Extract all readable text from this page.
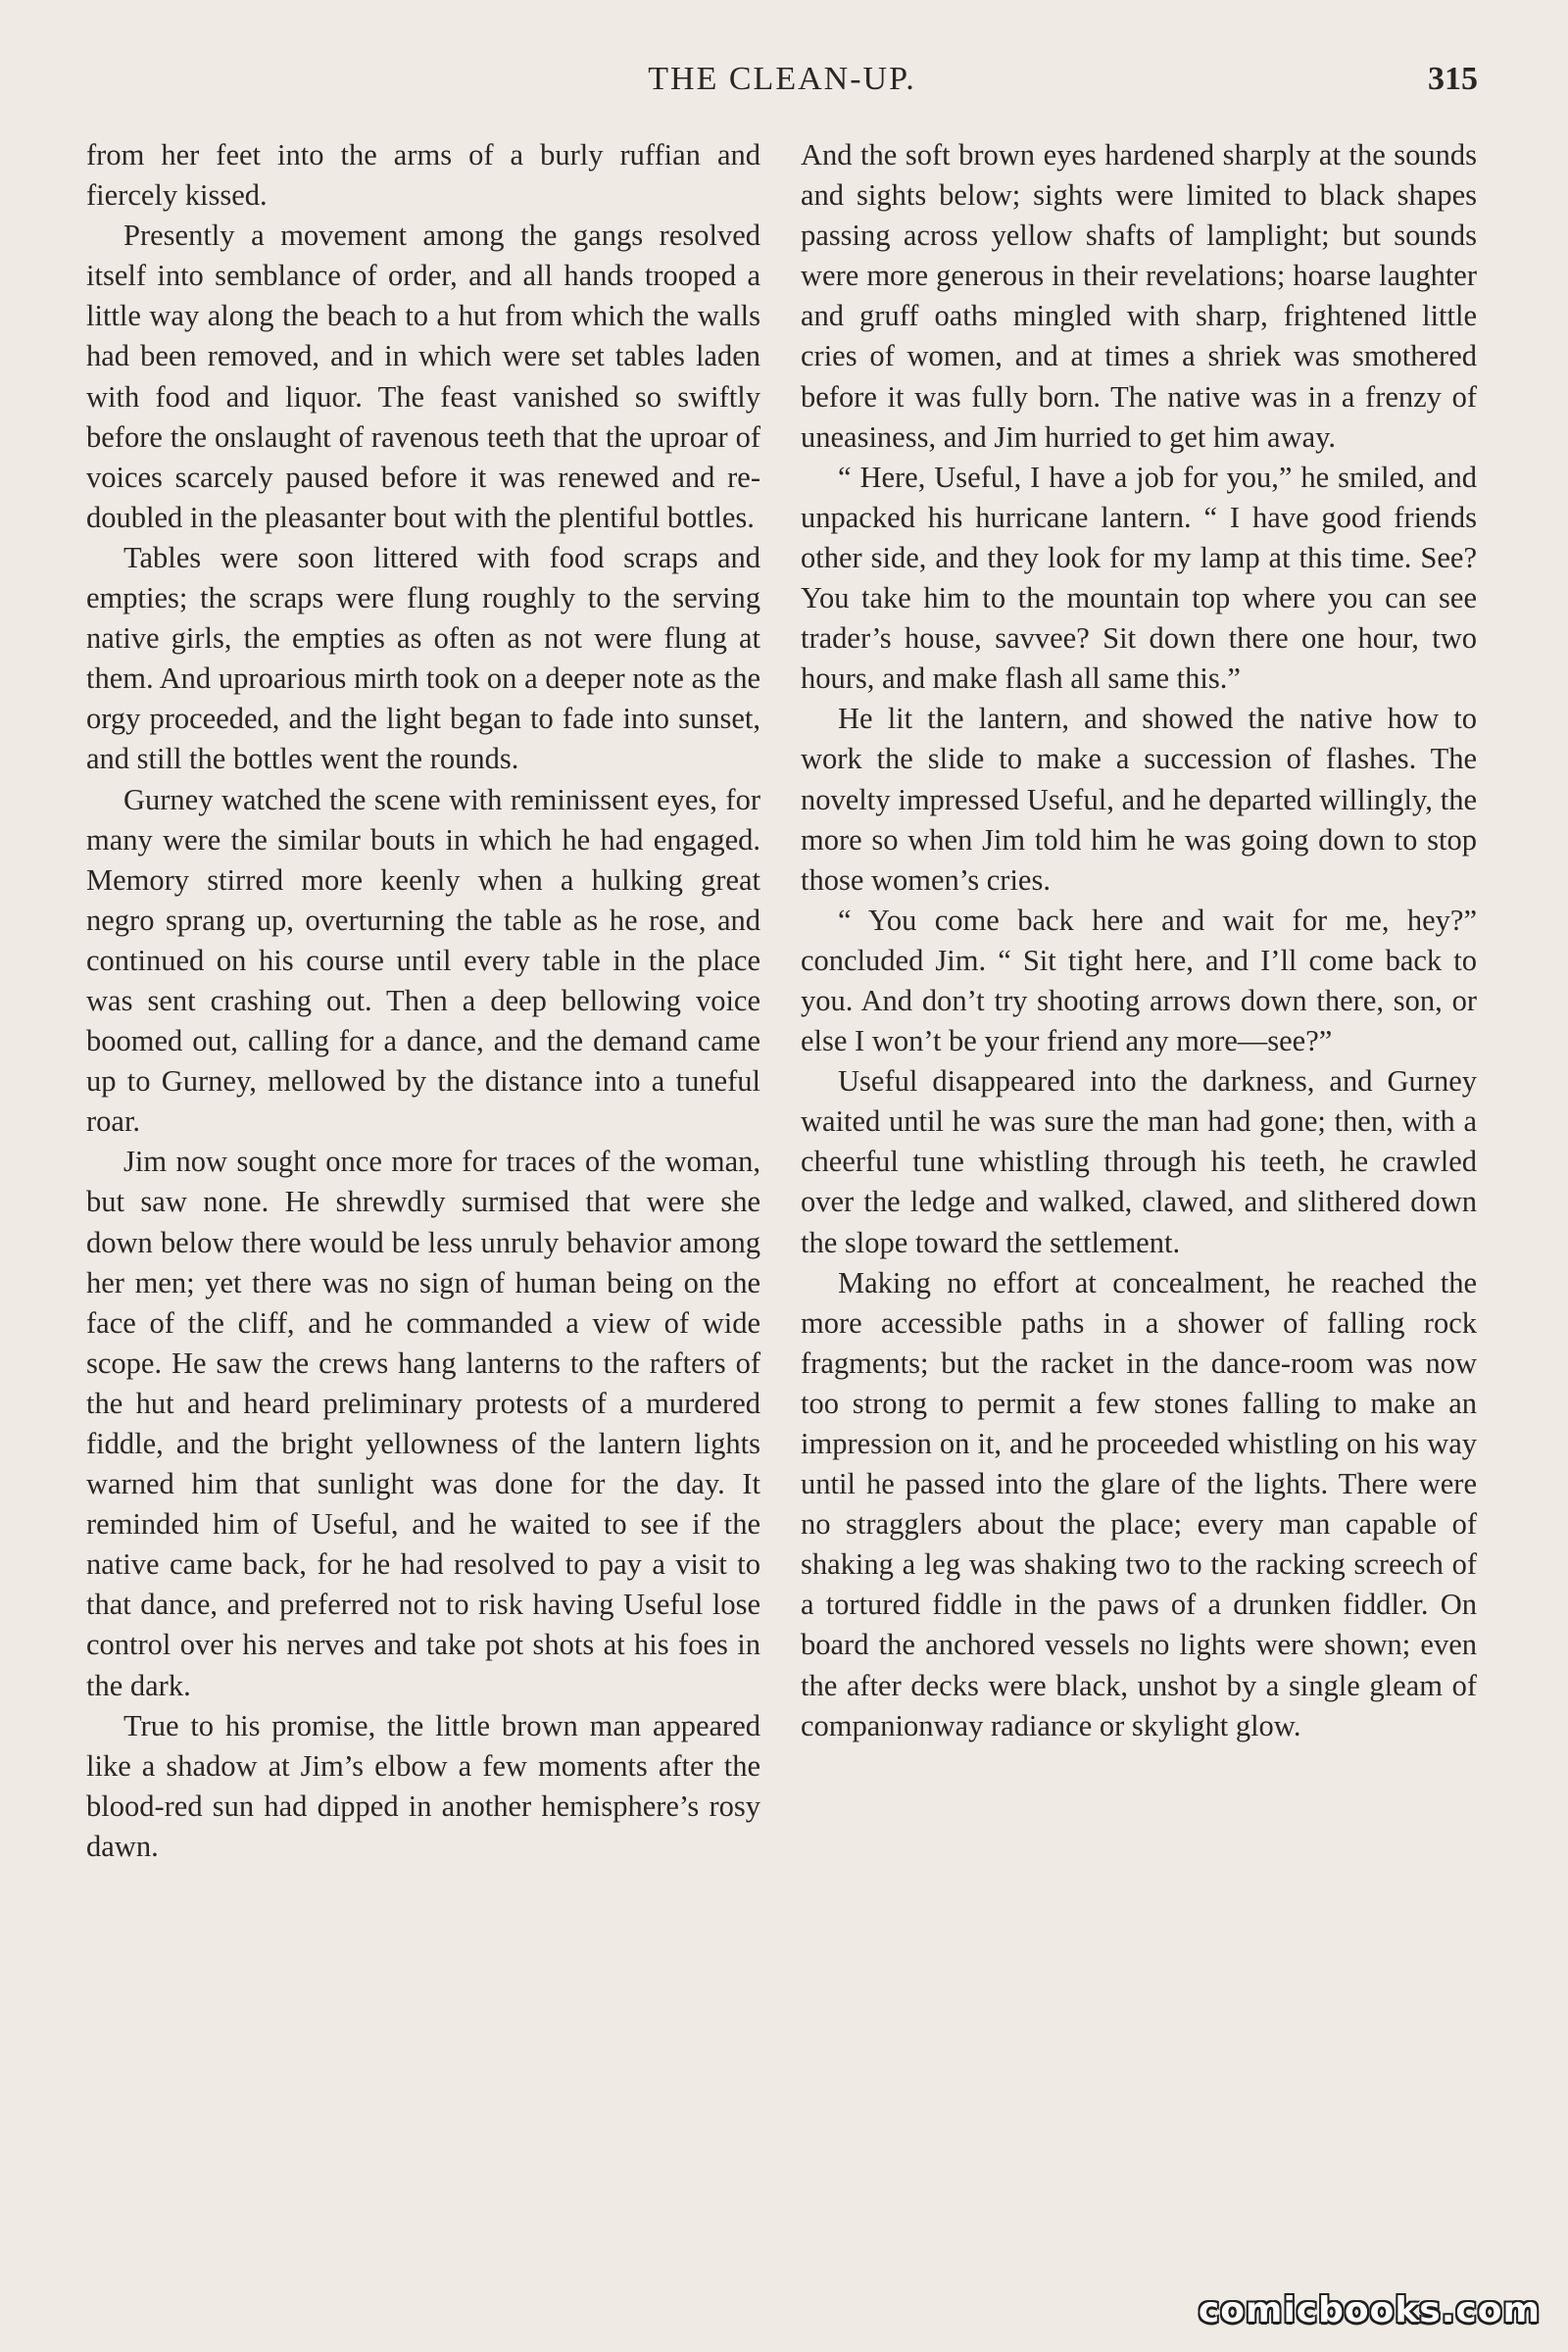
THE CLEAN-UP.	315

from her feet into the arms of a burly ruffian and fiercely kissed.

Presently a movement among the gangs resolved itself into semblance of order, and all hands trooped a little way along the beach to a hut from which the walls had been removed, and in which were set tables laden with food and liquor. The feast vanished so swiftly before the onslaught of ravenous teeth that the uproar of voices scarcely paused before it was renewed and redoubled in the pleasanter bout with the plentiful bottles.

Tables were soon littered with food scraps and empties; the scraps were flung roughly to the serving native girls, the empties as often as not were flung at them. And uproarious mirth took on a deeper note as the orgy proceeded, and the light began to fade into sunset, and still the bottles went the rounds.

Gurney watched the scene with reminissent eyes, for many were the similar bouts in which he had engaged. Memory stirred more keenly when a hulking great negro sprang up, overturning the table as he rose, and continued on his course until every table in the place was sent crashing out. Then a deep bellowing voice boomed out, calling for a dance, and the demand came up to Gurney, mellowed by the distance into a tuneful roar.

Jim now sought once more for traces of the woman, but saw none. He shrewdly surmised that were she down below there would be less unruly behavior among her men; yet there was no sign of human being on the face of the cliff, and he commanded a view of wide scope. He saw the crews hang lanterns to the rafters of the hut and heard preliminary protests of a murdered fiddle, and the bright yellowness of the lantern lights warned him that sunlight was done for the day. It reminded him of Useful, and he waited to see if the native came back, for he had resolved to pay a visit to that dance, and preferred not to risk having Useful lose control over his nerves and take pot shots at his foes in the dark.

True to his promise, the little brown man appeared like a shadow at Jim’s elbow a few moments after the blood-red sun had dipped in another hemisphere’s rosy dawn.

And the soft brown eyes hardened sharply at the sounds and sights below; sights were limited to black shapes passing across yellow shafts of lamplight; but sounds were more generous in their revelations; hoarse laughter and gruff oaths mingled with sharp, frightened little cries of women, and at times a shriek was smothered before it was fully born. The native was in a frenzy of uneasiness, and Jim hurried to get him away.

“ Here, Useful, I have a job for you,” he smiled, and unpacked his hurricane lantern. “ I have good friends other side, and they look for my lamp at this time. See? You take him to the mountain top where you can see trader’s house, savvee? Sit down there one hour, two hours, and make flash all same this.”

He lit the lantern, and showed the native how to work the slide to make a succession of flashes. The novelty impressed Useful, and he departed willingly, the more so when Jim told him he was going down to stop those women’s cries.

“ You come back here and wait for me, hey?” concluded Jim. “ Sit tight here, and I’ll come back to you. And don’t try shooting arrows down there, son, or else I won’t be your friend any more—see?”

Useful disappeared into the darkness, and Gurney waited until he was sure the man had gone; then, with a cheerful tune whistling through his teeth, he crawled over the ledge and walked, clawed, and slithered down the slope toward the settlement.

Making no effort at concealment, he reached the more accessible paths in a shower of falling rock fragments; but the racket in the dance-room was now too strong to permit a few stones falling to make an impression on it, and he proceeded whistling on his way until he passed into the glare of the lights. There were no stragglers about the place; every man capable of shaking a leg was shaking two to the racking screech of a tortured fiddle in the paws of a drunken fiddler. On board the anchored vessels no lights were shown; even the after decks were black, unshot by a single gleam of companionway radiance or skylight glow.

comicbooks.com
